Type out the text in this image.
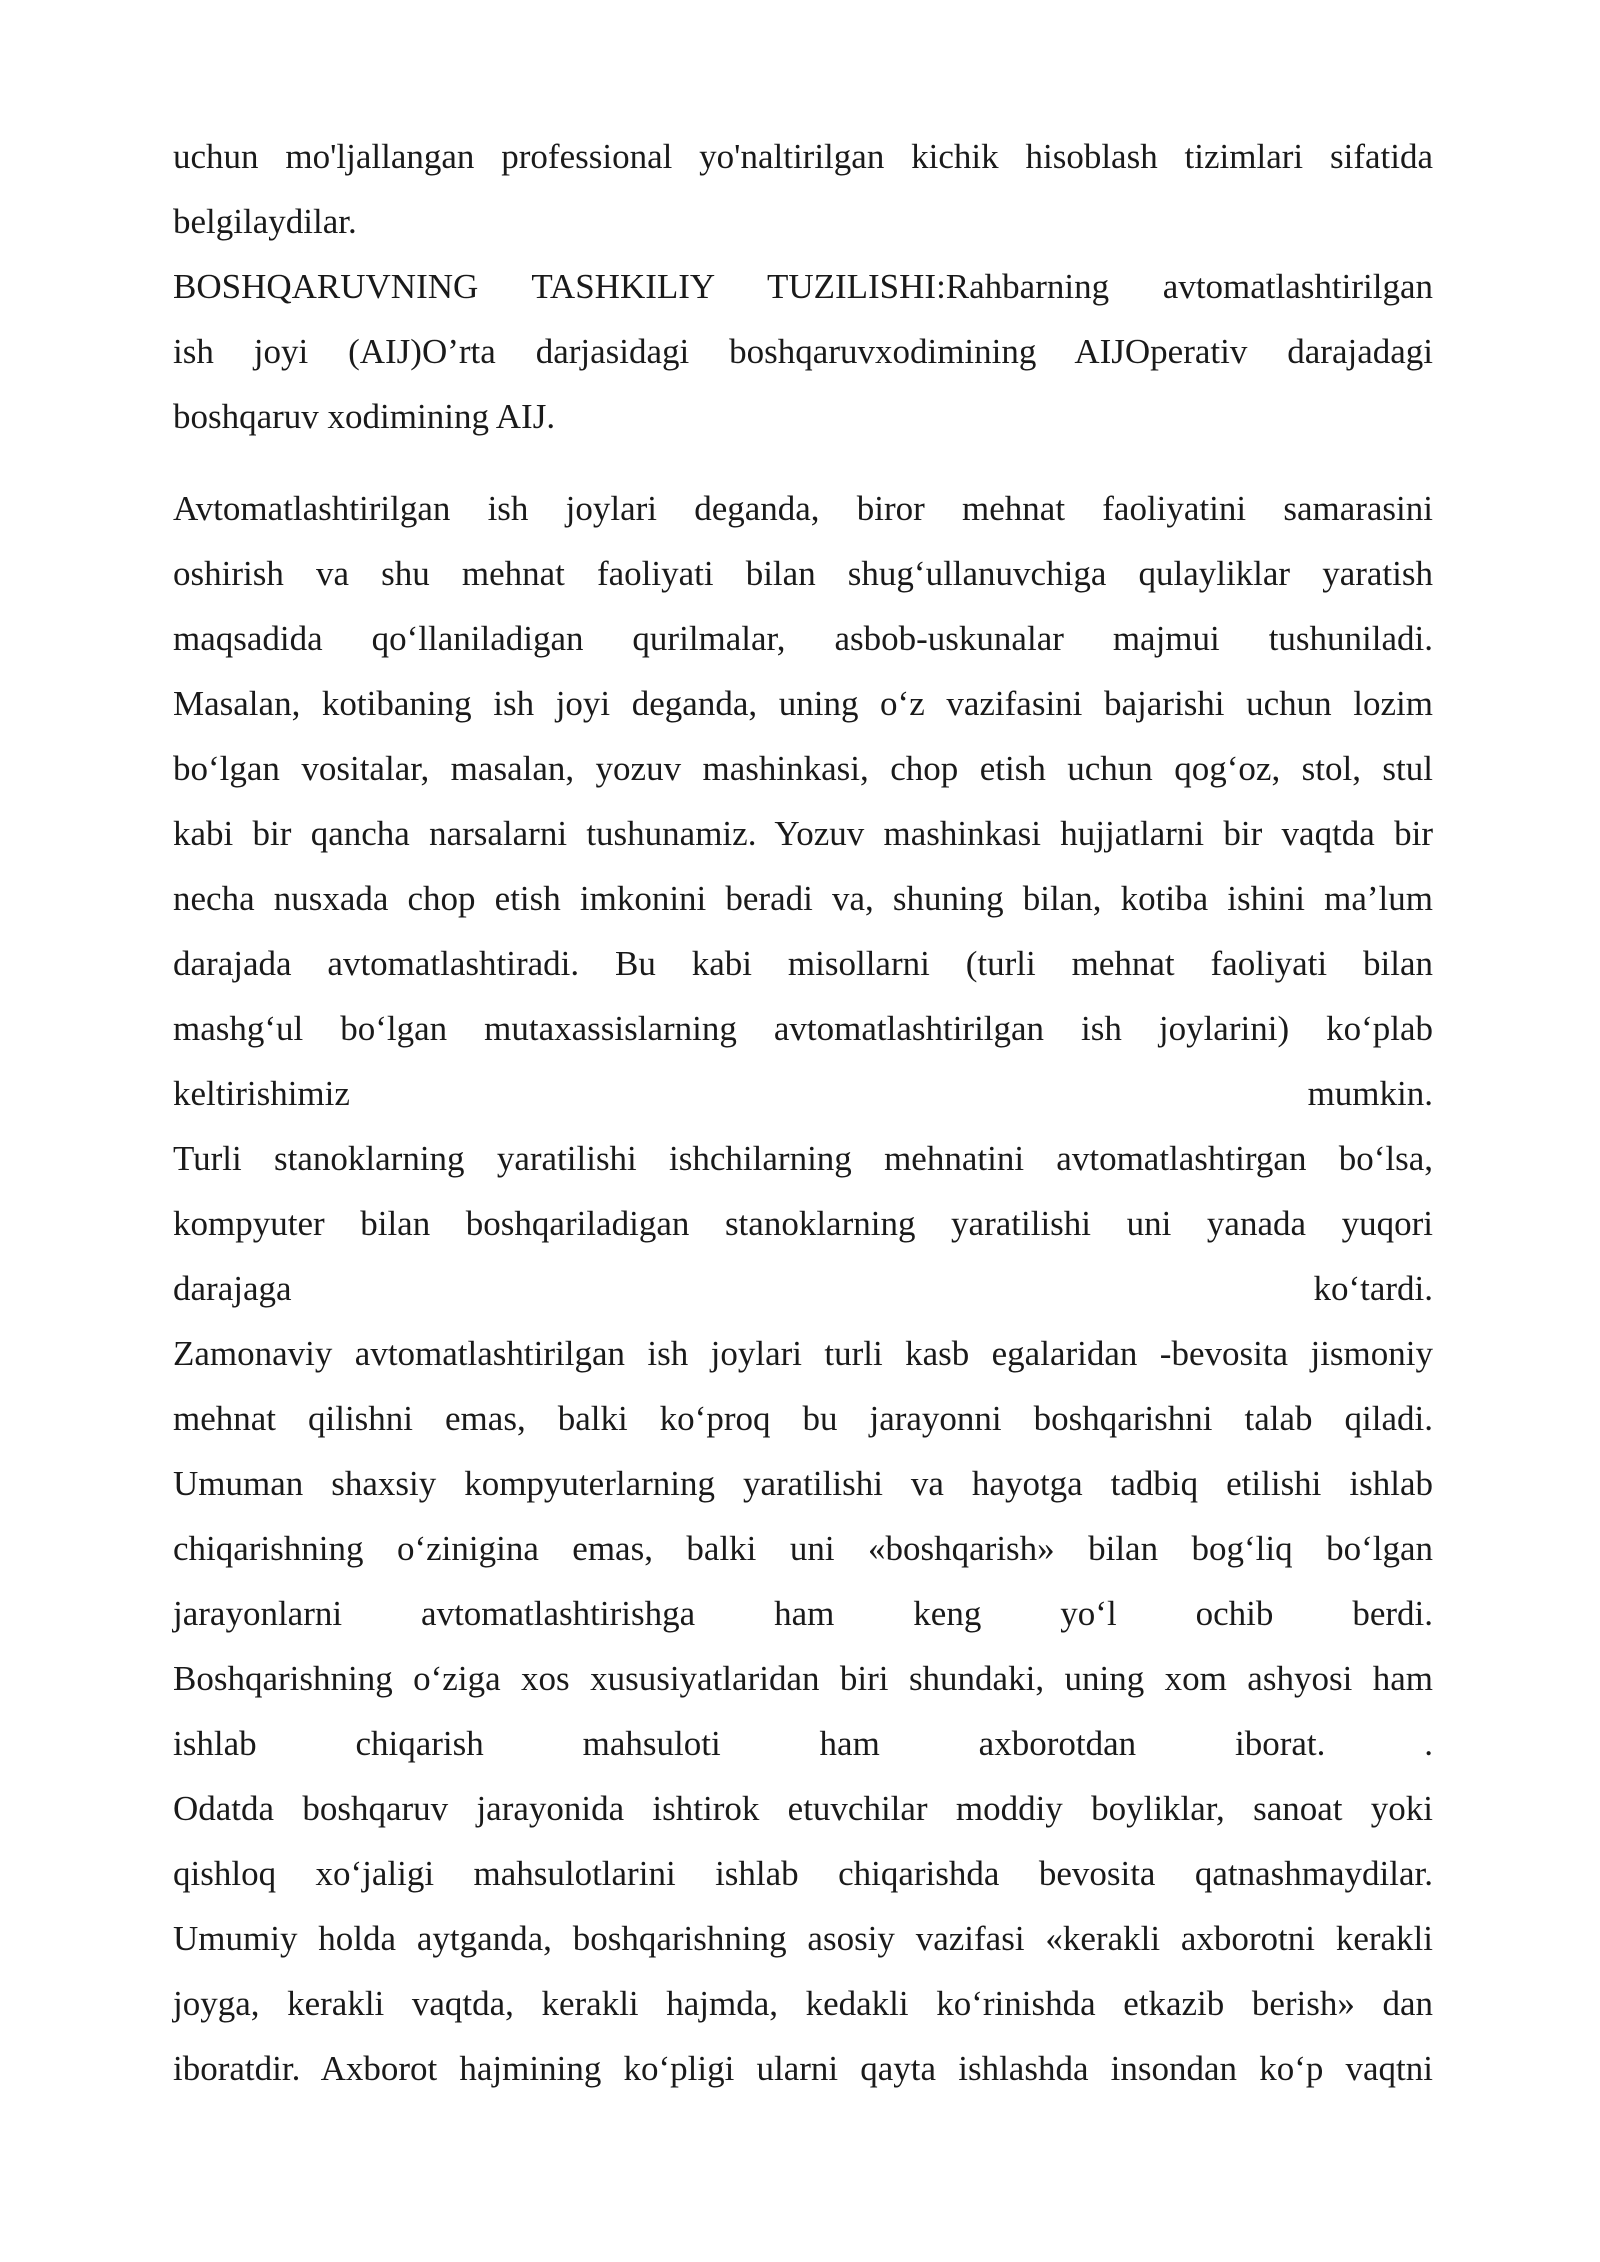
uchun mo'ljallangan professional yo'naltirilgan kichik hisoblash tizimlari sifatida
belgilaydilar.
BOSHQARUVNING TASHKILIY TUZILISHI:Rahbarning avtomatlashtirilgan
ish joyi (AIJ)O’rta darjasidagi boshqaruvxodimining AIJOperativ darajadagi
boshqaruv xodimining AIJ.
Avtomatlashtirilgan ish joylari deganda, biror mehnat faoliyatini samarasini
oshirish va shu mehnat faoliyati bilan shug‘ullanuvchiga qulayliklar yaratish
maqsadida qo‘llaniladigan qurilmalar, asbob-uskunalar majmui tushuniladi.
Masalan, kotibaning ish joyi deganda, uning o‘z vazifasini bajarishi uchun lozim
bo‘lgan vositalar, masalan, yozuv mashinkasi, chop etish uchun qog‘oz, stol, stul
kabi bir qancha narsalarni tushunamiz. Yozuv mashinkasi hujjatlarni bir vaqtda bir
necha nusxada chop etish imkonini beradi va, shuning bilan, kotiba ishini ma’lum
darajada avtomatlashtiradi. Bu kabi misollarni (turli mehnat faoliyati bilan
mashg‘ul bo‘lgan mutaxassislarning avtomatlashtirilgan ish joylarini) ko‘plab
keltirishimiz mumkin.
Turli stanoklarning yaratilishi ishchilarning mehnatini avtomatlashtirgan bo‘lsa,
kompyuter bilan boshqariladigan stanoklarning yaratilishi uni yanada yuqori
darajaga ko‘tardi.
Zamonaviy avtomatlashtirilgan ish joylari turli kasb egalaridan -bevosita jismoniy
mehnat qilishni emas, balki ko‘proq bu jarayonni boshqarishni talab qiladi.
Umuman shaxsiy kompyuterlarning yaratilishi va hayotga tadbiq etilishi ishlab
chiqarishning o‘zinigina emas, balki uni «boshqarish» bilan bog‘liq bo‘lgan
jarayonlarni avtomatlashtirishga ham keng yo‘l ochib berdi.
Boshqarishning o‘ziga xos xususiyatlaridan biri shundaki, uning xom ashyosi ham
ishlab chiqarish mahsuloti ham axborotdan iborat. .
Odatda boshqaruv jarayonida ishtirok etuvchilar moddiy boyliklar, sanoat yoki
qishloq xo‘jaligi mahsulotlarini ishlab chiqarishda bevosita qatnashmaydilar.
Umumiy holda aytganda, boshqarishning asosiy vazifasi «kerakli axborotni kerakli
joyga, kerakli vaqtda, kerakli hajmda, kedakli ko‘rinishda etkazib berish» dan
iboratdir. Axborot hajmining ko‘pligi ularni qayta ishlashda insondan ko‘p vaqtni
